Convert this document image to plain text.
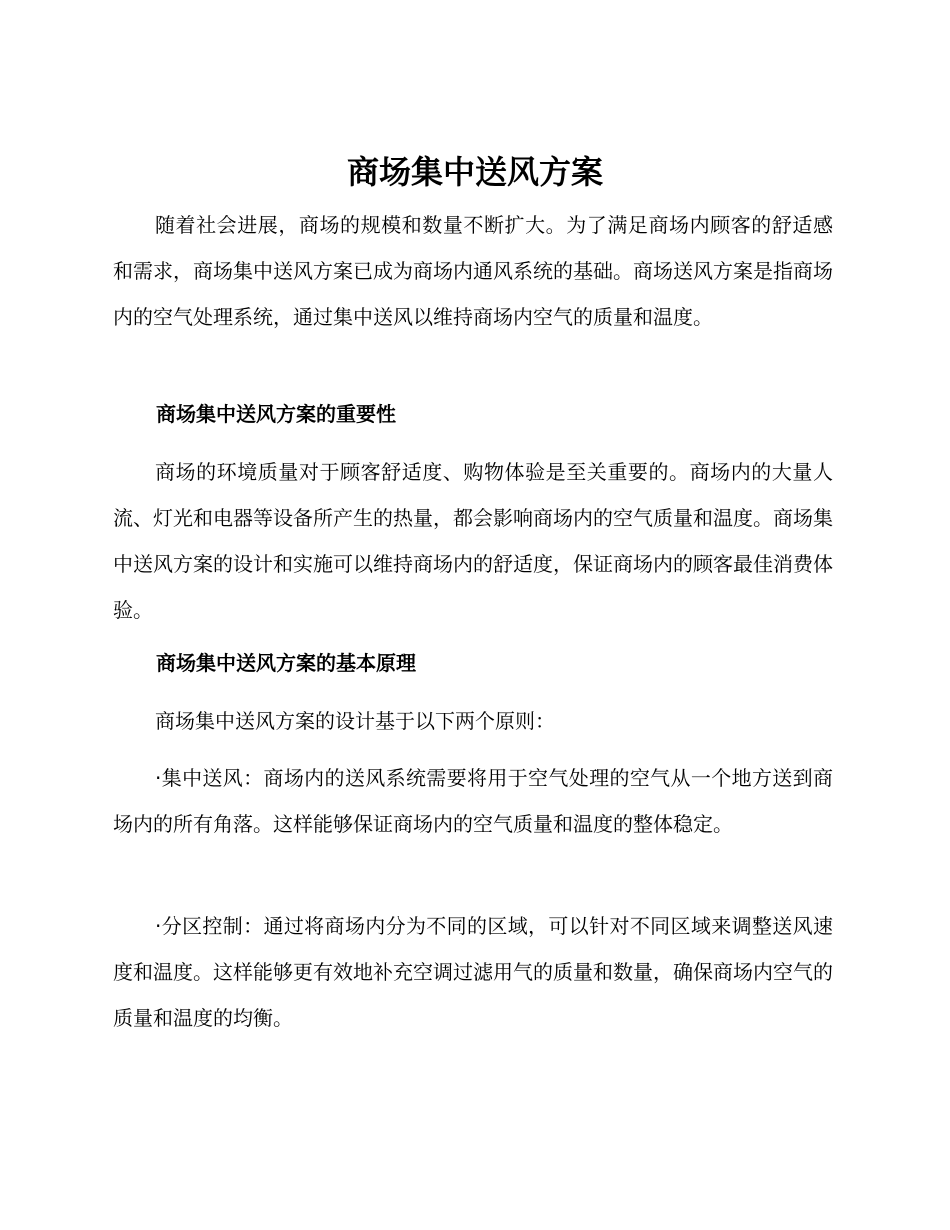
商场集中送风方案

随着社会进展，商场的规模和数量不断扩大。为了满足商场内顾客的舒适感和需求，商场集中送风方案已成为商场内通风系统的基础。商场送风方案是指商场内的空气处理系统，通过集中送风以维持商场内空气的质量和温度。

商场集中送风方案的重要性

商场的环境质量对于顾客舒适度、购物体验是至关重要的。商场内的大量人流、灯光和电器等设备所产生的热量，都会影响商场内的空气质量和温度。商场集中送风方案的设计和实施可以维持商场内的舒适度，保证商场内的顾客最佳消费体验。

商场集中送风方案的基本原理

商场集中送风方案的设计基于以下两个原则：

·集中送风：商场内的送风系统需要将用于空气处理的空气从一个地方送到商场内的所有角落。这样能够保证商场内的空气质量和温度的整体稳定。

·分区控制：通过将商场内分为不同的区域，可以针对不同区域来调整送风速度和温度。这样能够更有效地补充空调过滤用气的质量和数量，确保商场内空气的质量和温度的均衡。
